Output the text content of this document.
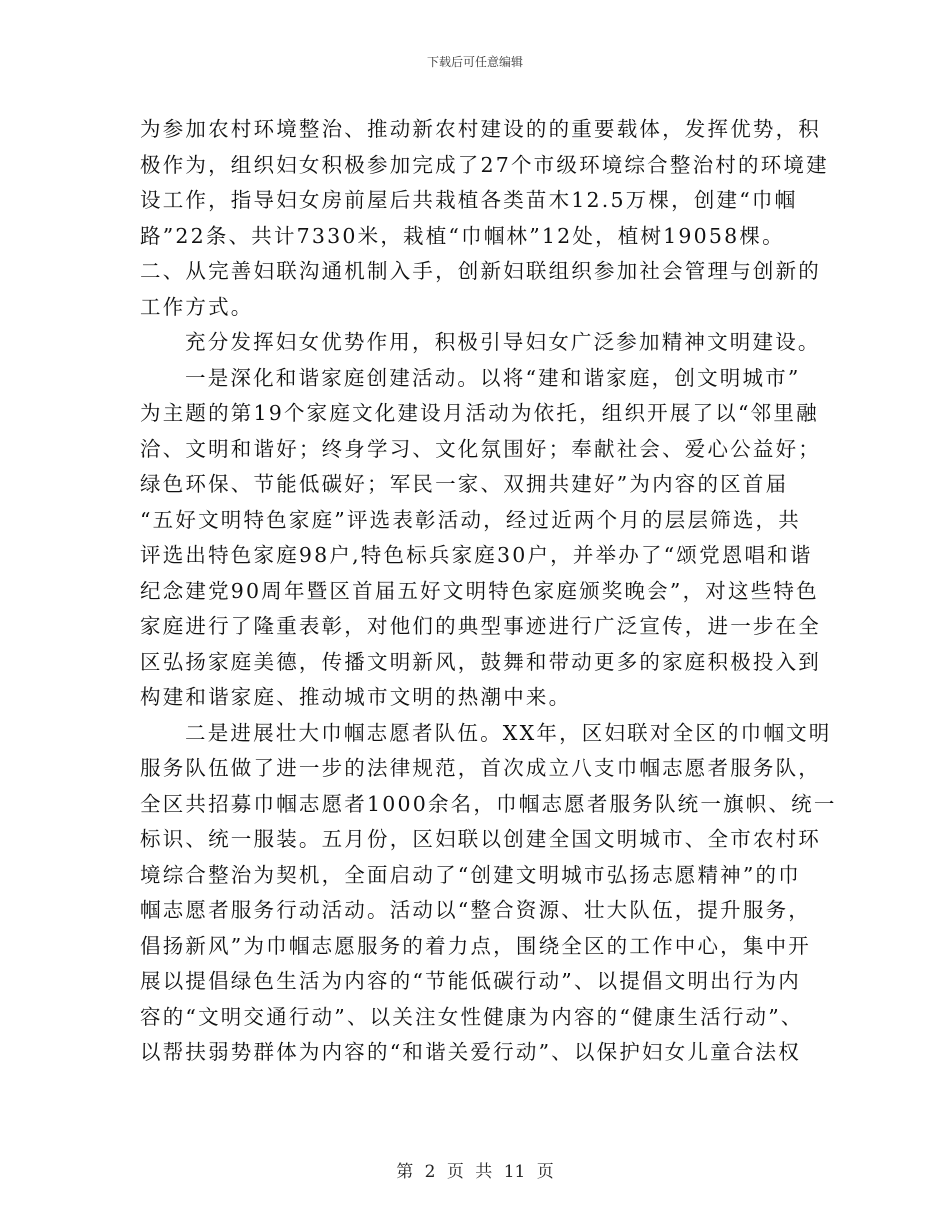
下载后可任意编辑
为参加农村环境整治、推动新农村建设的的重要载体，发挥优势，积
极作为，组织妇女积极参加完成了27个市级环境综合整治村的环境建
设工作，指导妇女房前屋后共栽植各类苗木12.5万棵，创建“巾帼
路”22条、共计7330米，栽植“巾帼林”12处，植树19058棵。
二、从完善妇联沟通机制入手，创新妇联组织参加社会管理与创新的
工作方式。
充分发挥妇女优势作用，积极引导妇女广泛参加精神文明建设。
一是深化和谐家庭创建活动。以将“建和谐家庭，创文明城市”
为主题的第19个家庭文化建设月活动为依托，组织开展了以“邻里融
洽、文明和谐好；终身学习、文化氛围好；奉献社会、爱心公益好；
绿色环保、节能低碳好；军民一家、双拥共建好”为内容的区首届
“五好文明特色家庭”评选表彰活动，经过近两个月的层层筛选，共
评选出特色家庭98户,特色标兵家庭30户，并举办了“颂党恩唱和谐
纪念建党90周年暨区首届五好文明特色家庭颁奖晚会”，对这些特色
家庭进行了隆重表彰，对他们的典型事迹进行广泛宣传，进一步在全
区弘扬家庭美德，传播文明新风，鼓舞和带动更多的家庭积极投入到
构建和谐家庭、推动城市文明的热潮中来。
二是进展壮大巾帼志愿者队伍。XX年，区妇联对全区的巾帼文明
服务队伍做了进一步的法律规范，首次成立八支巾帼志愿者服务队，
全区共招募巾帼志愿者1000余名，巾帼志愿者服务队统一旗帜、统一
标识、统一服装。五月份，区妇联以创建全国文明城市、全市农村环
境综合整治为契机，全面启动了“创建文明城市弘扬志愿精神”的巾
帼志愿者服务行动活动。活动以“整合资源、壮大队伍，提升服务，
倡扬新风”为巾帼志愿服务的着力点，围绕全区的工作中心，集中开
展以提倡绿色生活为内容的“节能低碳行动”、以提倡文明出行为内
容的“文明交通行动”、以关注女性健康为内容的“健康生活行动”、
以帮扶弱势群体为内容的“和谐关爱行动”、以保护妇女儿童合法权
第 2 页 共 11 页
